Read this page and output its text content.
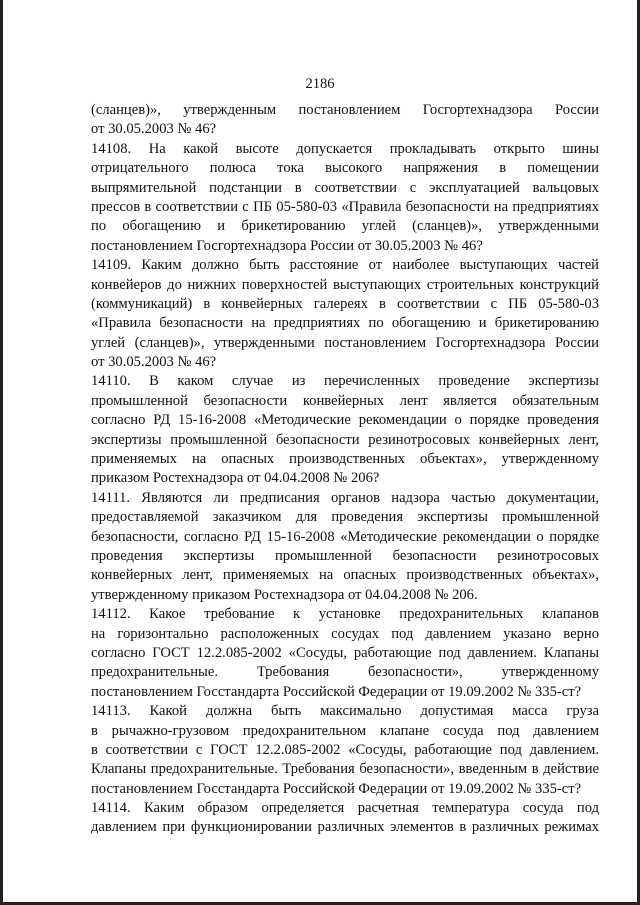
2186
(сланцев)», утвержденным постановлением Госгортехнадзора России
от 30.05.2003 № 46?
14108. На какой высоте допускается прокладывать открыто шины
отрицательного полюса тока высокого напряжения в помещении
выпрямительной подстанции в соответствии с эксплуатацией вальцовых
прессов в соответствии с ПБ 05-580-03 «Правила безопасности на предприятиях
по обогащению и брикетированию углей (сланцев)», утвержденными
постановлением Госгортехнадзора России от 30.05.2003 № 46?
14109. Каким должно быть расстояние от наиболее выступающих частей
конвейеров до нижних поверхностей выступающих строительных конструкций
(коммуникаций) в конвейерных галереях в соответствии с ПБ 05-580-03
«Правила безопасности на предприятиях по обогащению и брикетированию
углей (сланцев)», утвержденными постановлением Госгортехнадзора России
от 30.05.2003 № 46?
14110. В каком случае из перечисленных проведение экспертизы
промышленной безопасности конвейерных лент является обязательным
согласно РД 15-16-2008 «Методические рекомендации о порядке проведения
экспертизы промышленной безопасности резинотросовых конвейерных лент,
применяемых на опасных производственных объектах», утвержденному
приказом Ростехнадзора от 04.04.2008 № 206?
14111. Являются ли предписания органов надзора частью документации,
предоставляемой заказчиком для проведения экспертизы промышленной
безопасности, согласно РД 15-16-2008 «Методические рекомендации о порядке
проведения экспертизы промышленной безопасности резинотросовых
конвейерных лент, применяемых на опасных производственных объектах»,
утвержденному приказом Ростехнадзора от 04.04.2008 № 206.
14112. Какое требование к установке предохранительных клапанов
на горизонтально расположенных сосудах под давлением указано верно
согласно ГОСТ 12.2.085-2002 «Сосуды, работающие под давлением. Клапаны
предохранительные. Требования безопасности», утвержденному
постановлением Госстандарта Российской Федерации от 19.09.2002 № 335-ст?
14113. Какой должна быть максимально допустимая масса груза
в рычажно-грузовом предохранительном клапане сосуда под давлением
в соответствии с ГОСТ 12.2.085-2002 «Сосуды, работающие под давлением.
Клапаны предохранительные. Требования безопасности», введенным в действие
постановлением Госстандарта Российской Федерации от 19.09.2002 № 335-ст?
14114. Каким образом определяется расчетная температура сосуда под
давлением при функционировании различных элементов в различных режимах
